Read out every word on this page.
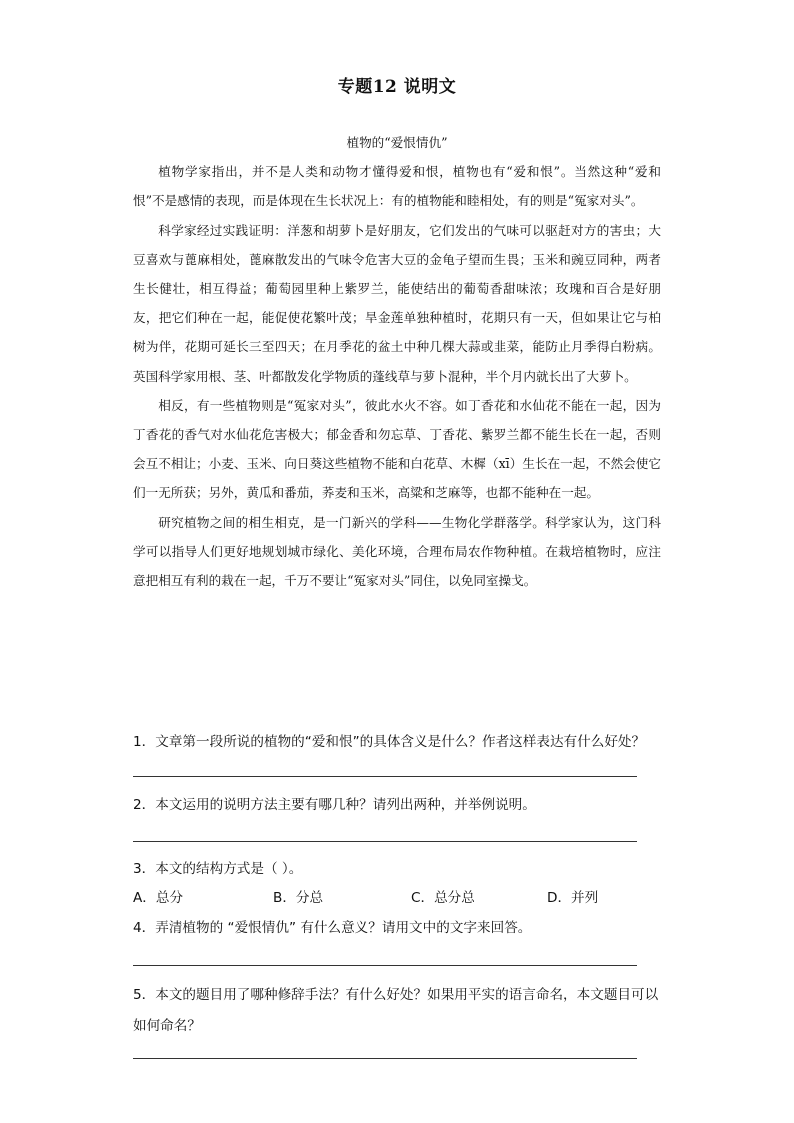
专题12 说明文

植物的“爱恨情仇”

植物学家指出，并不是人类和动物才懂得爱和恨，植物也有“爱和恨”。当然这种“爱和恨”不是感情的表现，而是体现在生长状况上：有的植物能和睦相处，有的则是“冤家对头”。

科学家经过实践证明：洋葱和胡萝卜是好朋友，它们发出的气味可以驱赶对方的害虫；大豆喜欢与蓖麻相处，蓖麻散发出的气味令危害大豆的金龟子望而生畏；玉米和豌豆同种，两者生长健壮，相互得益；葡萄园里种上紫罗兰，能使结出的葡萄香甜味浓；玫瑰和百合是好朋友，把它们种在一起，能促使花繁叶茂；旱金莲单独种植时，花期只有一天，但如果让它与柏树为伴，花期可延长三至四天；在月季花的盆土中种几棵大蒜或韭菜，能防止月季得白粉病。英国科学家用根、茎、叶都散发化学物质的蓬线草与萝卜混种，半个月内就长出了大萝卜。

相反，有一些植物则是“冤家对头”，彼此水火不容。如丁香花和水仙花不能在一起，因为丁香花的香气对水仙花危害极大；郁金香和勿忘草、丁香花、紫罗兰都不能生长在一起，否则会互不相让；小麦、玉米、向日葵这些植物不能和白花草、木樨（xī）生长在一起，不然会使它们一无所获；另外，黄瓜和番茄，荞麦和玉米，高粱和芝麻等，也都不能种在一起。

研究植物之间的相生相克，是一门新兴的学科——生物化学群落学。科学家认为，这门科学可以指导人们更好地规划城市绿化、美化环境，合理布局农作物种植。在栽培植物时，应注意把相互有利的栽在一起，千万不要让“冤家对头”同住，以免同室操戈。

1．文章第一段所说的植物的“爱和恨”的具体含义是什么？作者这样表达有什么好处？

2．本文运用的说明方法主要有哪几种？请列出两种，并举例说明。

3．本文的结构方式是（ ）。

A．总分	B．分总	C．总分总	D．并列

4．弄清植物的 “爱恨情仇” 有什么意义？请用文中的文字来回答。

5．本文的题目用了哪种修辞手法？有什么好处？如果用平实的语言命名，本文题目可以如何命名？
